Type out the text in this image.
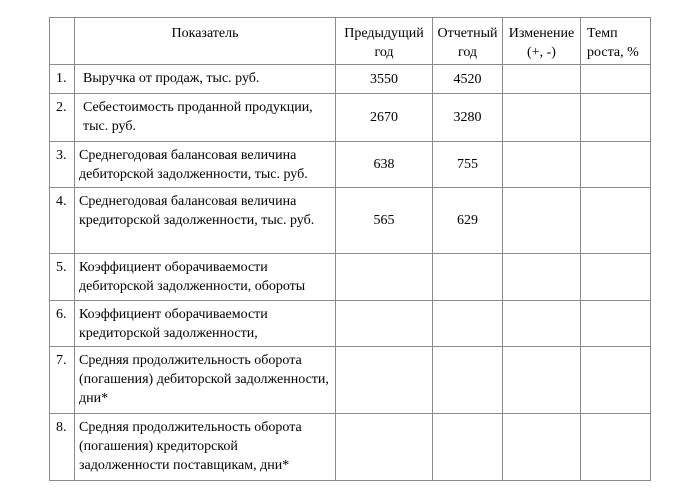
	Показатель	Предыдущий год	Отчетный год	Изменение (+, -)	Темп роста, %
1.	Выручка от продаж, тыс. руб.	3550	4520		
2.	Себестоимость проданной продукции, тыс. руб.	2670	3280		
3.	Среднегодовая балансовая величина дебиторской задолженности, тыс. руб.	638	755		
4.	Среднегодовая балансовая величина кредиторской задолженности, тыс. руб.	565	629		
5.	Коэффициент оборачиваемости дебиторской задолженности, обороты				
6.	Коэффициент оборачиваемости кредиторской задолженности,				
7.	Средняя продолжительность оборота (погашения) дебиторской задолженности, дни*				
8.	Средняя продолжительность оборота (погашения) кредиторской задолженности поставщикам, дни*				
